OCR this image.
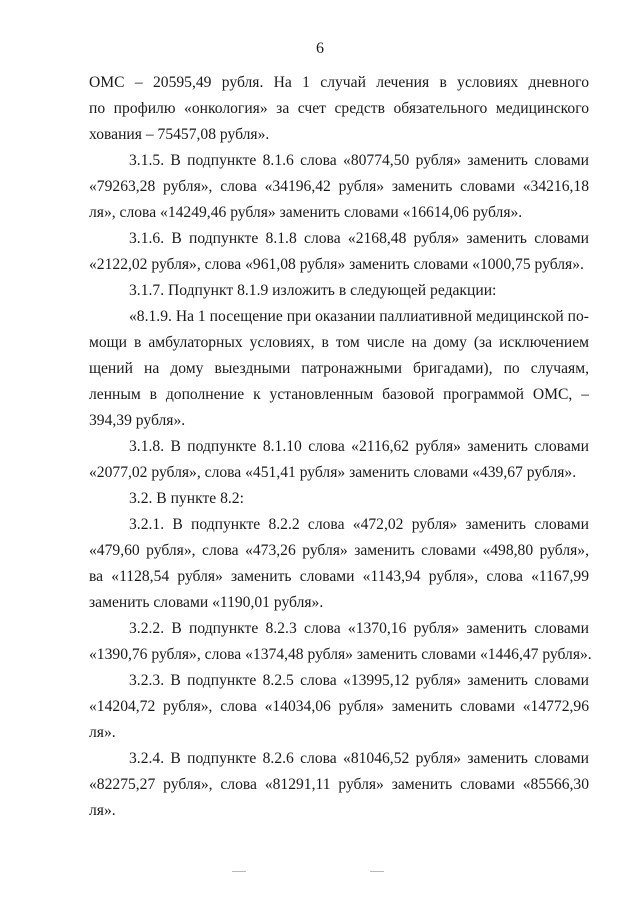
6
ОМС – 20595,49 рубля. На 1 случай лечения в условиях дневного
по профилю «онкология» за счет средств обязательного медицинского
хования – 75457,08 рубля».
3.1.5. В подпункте 8.1.6 слова «80774,50 рубля» заменить словами
«79263,28 рубля», слова «34196,42 рубля» заменить словами «34216,18
ля», слова «14249,46 рубля» заменить словами «16614,06 рубля».
3.1.6. В подпункте 8.1.8 слова «2168,48 рубля» заменить словами
«2122,02 рубля», слова «961,08 рубля» заменить словами «1000,75 рубля».
3.1.7. Подпункт 8.1.9 изложить в следующей редакции:
«8.1.9. На 1 посещение при оказании паллиативной медицинской по-
мощи в амбулаторных условиях, в том числе на дому (за исключением
щений на дому выездными патронажными бригадами), по случаям,
ленным в дополнение к установленным базовой программой ОМС, –
394,39 рубля».
3.1.8. В подпункте 8.1.10 слова «2116,62 рубля» заменить словами
«2077,02 рубля», слова «451,41 рубля» заменить словами «439,67 рубля».
3.2. В пункте 8.2:
3.2.1. В подпункте 8.2.2 слова «472,02 рубля» заменить словами
«479,60 рубля», слова «473,26 рубля» заменить словами «498,80 рубля»,
ва «1128,54 рубля» заменить словами «1143,94 рубля», слова «1167,99
заменить словами «1190,01 рубля».
3.2.2. В подпункте 8.2.3 слова «1370,16 рубля» заменить словами
«1390,76 рубля», слова «1374,48 рубля» заменить словами «1446,47 рубля».
3.2.3. В подпункте 8.2.5 слова «13995,12 рубля» заменить словами
«14204,72 рубля», слова «14034,06 рубля» заменить словами «14772,96
ля».
3.2.4. В подпункте 8.2.6 слова «81046,52 рубля» заменить словами
«82275,27 рубля», слова «81291,11 рубля» заменить словами «85566,30
ля».
